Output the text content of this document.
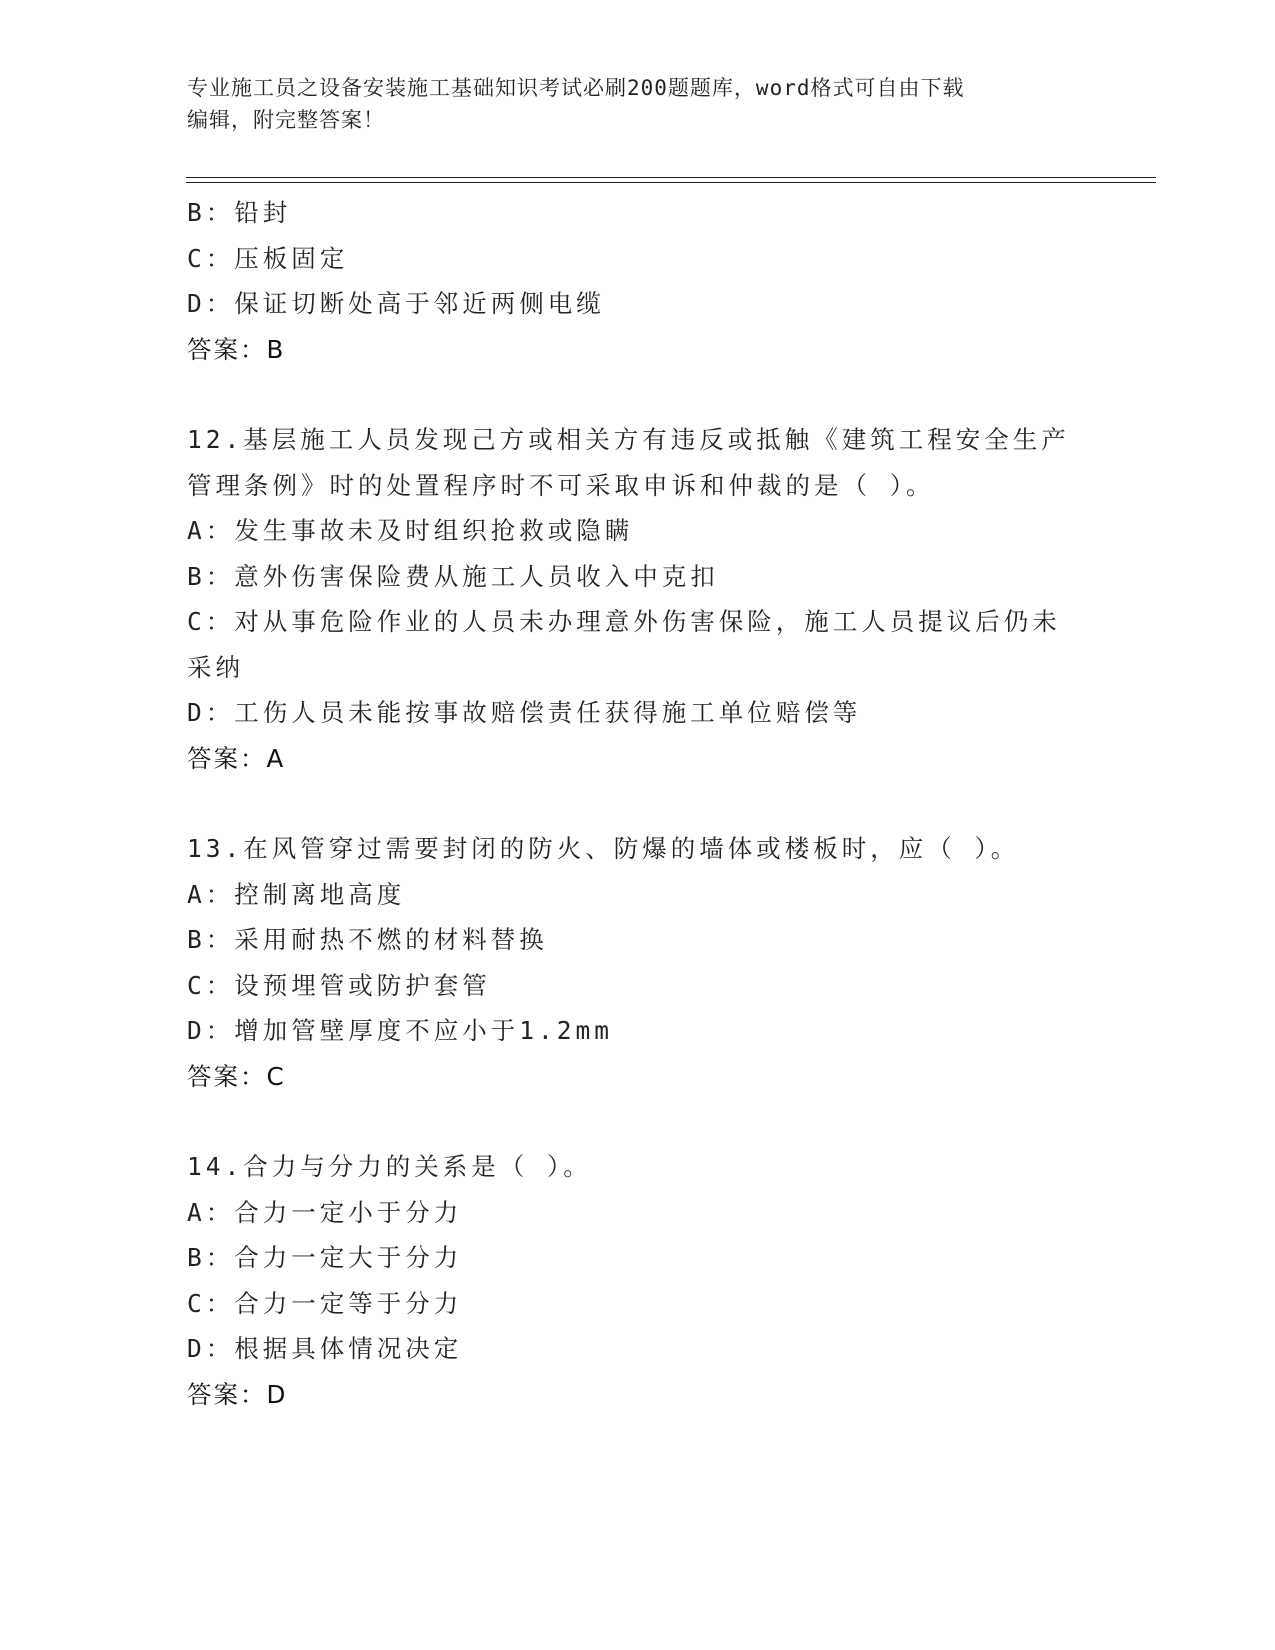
专业施工员之设备安装施工基础知识考试必刷200题题库，word格式可自由下载
编辑，附完整答案！
B：铅封
C：压板固定
D：保证切断处高于邻近两侧电缆
答案：B
12.基层施工人员发现己方或相关方有违反或抵触《建筑工程安全生产
管理条例》时的处置程序时不可采取申诉和仲裁的是（ ）。
A：发生事故未及时组织抢救或隐瞒
B：意外伤害保险费从施工人员收入中克扣
C：对从事危险作业的人员未办理意外伤害保险，施工人员提议后仍未
采纳
D：工伤人员未能按事故赔偿责任获得施工单位赔偿等
答案：A
13.在风管穿过需要封闭的防火、防爆的墙体或楼板时，应（ ）。
A：控制离地高度
B：采用耐热不燃的材料替换
C：设预埋管或防护套管
D：增加管壁厚度不应小于1.2mm
答案：C
14.合力与分力的关系是（ ）。
A：合力一定小于分力
B：合力一定大于分力
C：合力一定等于分力
D：根据具体情况决定
答案：D
